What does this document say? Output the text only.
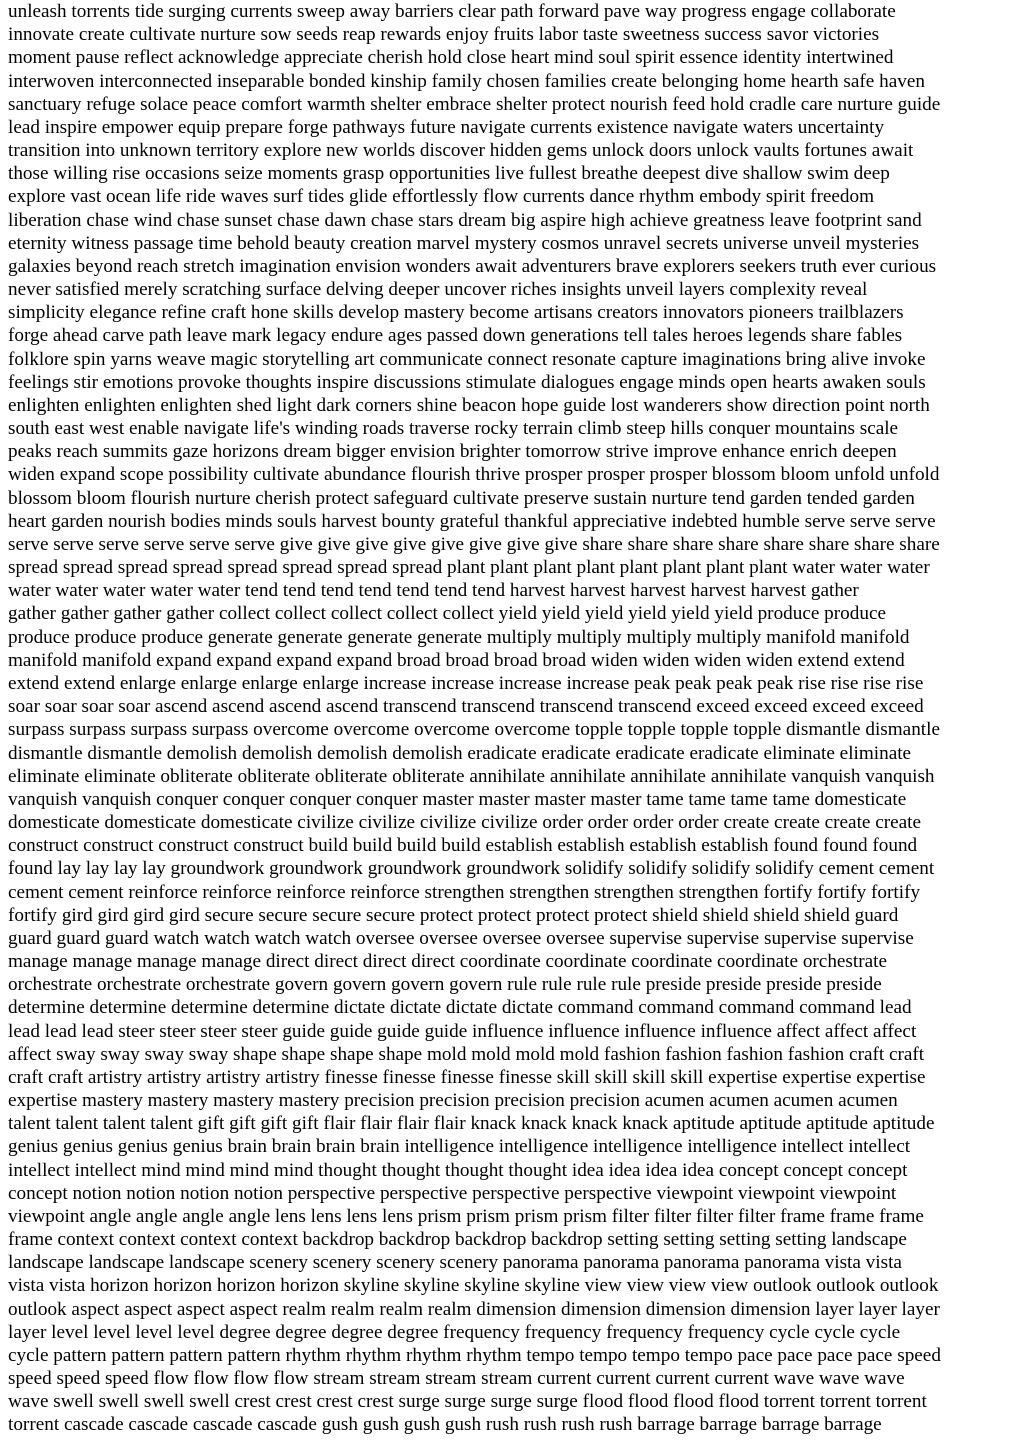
unleash torrents tide surging currents sweep away barriers clear path forward pave way progress engage collaborate

innovate create cultivate nurture sow seeds reap rewards enjoy fruits labor taste sweetness success savor victories

moment pause reflect acknowledge appreciate cherish hold close heart mind soul spirit essence identity intertwined

interwoven interconnected inseparable bonded kinship family chosen families create belonging home hearth safe haven

sanctuary refuge solace peace comfort warmth shelter embrace shelter protect nourish feed hold cradle care nurture guide

lead inspire empower equip prepare forge pathways future navigate currents existence navigate waters uncertainty

transition into unknown territory explore new worlds discover hidden gems unlock doors unlock vaults fortunes await

those willing rise occasions seize moments grasp opportunities live fullest breathe deepest dive shallow swim deep

explore vast ocean life ride waves surf tides glide effortlessly flow currents dance rhythm embody spirit freedom

liberation chase wind chase sunset chase dawn chase stars dream big aspire high achieve greatness leave footprint sand

eternity witness passage time behold beauty creation marvel mystery cosmos unravel secrets universe unveil mysteries

galaxies beyond reach stretch imagination envision wonders await adventurers brave explorers seekers truth ever curious

never satisfied merely scratching surface delving deeper uncover riches insights unveil layers complexity reveal

simplicity elegance refine craft hone skills develop mastery become artisans creators innovators pioneers trailblazers

forge ahead carve path leave mark legacy endure ages passed down generations tell tales heroes legends share fables

folklore spin yarns weave magic storytelling art communicate connect resonate capture imaginations bring alive invoke

feelings stir emotions provoke thoughts inspire discussions stimulate dialogues engage minds open hearts awaken souls

enlighten enlighten enlighten shed light dark corners shine beacon hope guide lost wanderers show direction point north

south east west enable navigate life's winding roads traverse rocky terrain climb steep hills conquer mountains scale

peaks reach summits gaze horizons dream bigger envision brighter tomorrow strive improve enhance enrich deepen

widen expand scope possibility cultivate abundance flourish thrive prosper prosper prosper blossom bloom unfold unfold

blossom bloom flourish nurture cherish protect safeguard cultivate preserve sustain nurture tend garden tended garden

heart garden nourish bodies minds souls harvest bounty grateful thankful appreciative indebted humble serve serve serve

serve serve serve serve serve serve give give give give give give give give share share share share share share share share

spread spread spread spread spread spread spread spread plant plant plant plant plant plant plant plant water water water

water water water water water tend tend tend tend tend tend tend harvest harvest harvest harvest harvest gather

gather gather gather gather collect collect collect collect collect yield yield yield yield yield yield produce produce

produce produce produce generate generate generate generate multiply multiply multiply multiply manifold manifold

manifold manifold expand expand expand expand broad broad broad broad widen widen widen widen extend extend

extend extend enlarge enlarge enlarge enlarge increase increase increase increase peak peak peak peak rise rise rise rise

soar soar soar soar ascend ascend ascend ascend transcend transcend transcend transcend exceed exceed exceed exceed

surpass surpass surpass surpass overcome overcome overcome overcome topple topple topple topple dismantle dismantle

dismantle dismantle demolish demolish demolish demolish eradicate eradicate eradicate eradicate eliminate eliminate

eliminate eliminate obliterate obliterate obliterate obliterate annihilate annihilate annihilate annihilate vanquish vanquish

vanquish vanquish conquer conquer conquer conquer master master master master tame tame tame tame domesticate

domesticate domesticate domesticate civilize civilize civilize civilize order order order order create create create create

construct construct construct construct build build build build establish establish establish establish found found found

found lay lay lay lay groundwork groundwork groundwork groundwork solidify solidify solidify solidify cement cement

cement cement reinforce reinforce reinforce reinforce strengthen strengthen strengthen strengthen fortify fortify fortify

fortify gird gird gird gird secure secure secure secure protect protect protect protect shield shield shield shield guard

guard guard guard watch watch watch watch oversee oversee oversee oversee supervise supervise supervise supervise

manage manage manage manage direct direct direct direct coordinate coordinate coordinate coordinate orchestrate

orchestrate orchestrate orchestrate govern govern govern govern rule rule rule rule preside preside preside preside

determine determine determine determine dictate dictate dictate dictate command command command command lead

lead lead lead steer steer steer steer guide guide guide guide influence influence influence influence affect affect affect

affect sway sway sway sway shape shape shape shape mold mold mold mold fashion fashion fashion fashion craft craft

craft craft artistry artistry artistry artistry finesse finesse finesse finesse skill skill skill skill expertise expertise expertise

expertise mastery mastery mastery mastery precision precision precision precision acumen acumen acumen acumen

talent talent talent talent gift gift gift gift flair flair flair flair knack knack knack knack aptitude aptitude aptitude aptitude

genius genius genius genius brain brain brain brain intelligence intelligence intelligence intelligence intellect intellect

intellect intellect mind mind mind mind thought thought thought thought idea idea idea idea concept concept concept

concept notion notion notion notion perspective perspective perspective perspective viewpoint viewpoint viewpoint

viewpoint angle angle angle angle lens lens lens lens prism prism prism prism filter filter filter filter frame frame frame

frame context context context context backdrop backdrop backdrop backdrop setting setting setting setting landscape

landscape landscape landscape scenery scenery scenery scenery panorama panorama panorama panorama vista vista

vista vista horizon horizon horizon horizon skyline skyline skyline skyline view view view view outlook outlook outlook

outlook aspect aspect aspect aspect realm realm realm realm dimension dimension dimension dimension layer layer layer

layer level level level level degree degree degree degree frequency frequency frequency frequency cycle cycle cycle

cycle pattern pattern pattern pattern rhythm rhythm rhythm rhythm tempo tempo tempo tempo pace pace pace pace speed

speed speed speed flow flow flow flow stream stream stream stream current current current current wave wave wave

wave swell swell swell swell crest crest crest crest surge surge surge surge flood flood flood flood torrent torrent torrent

torrent cascade cascade cascade cascade gush gush gush gush rush rush rush rush barrage barrage barrage barrage
